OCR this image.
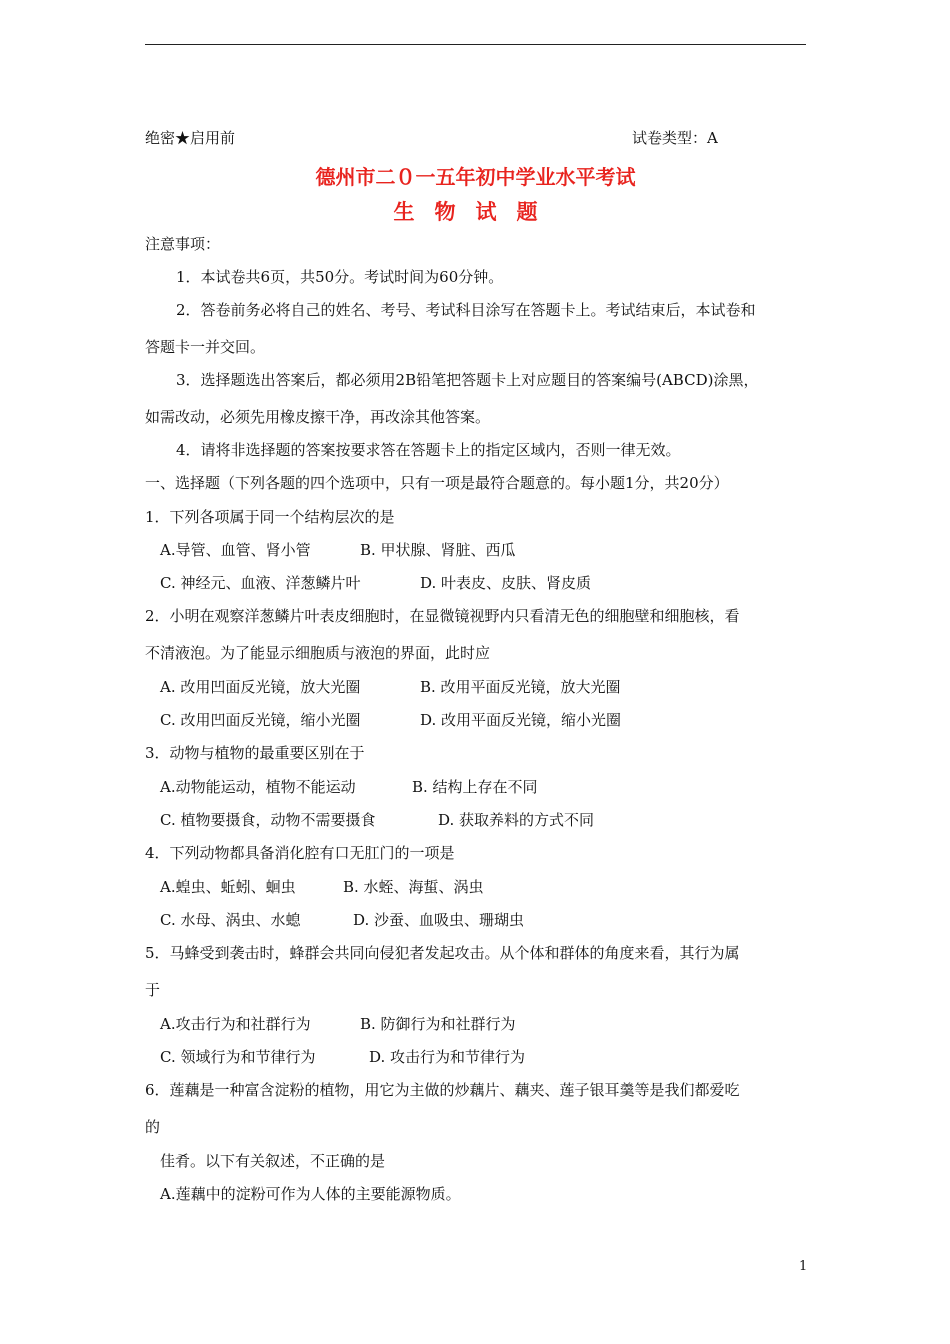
绝密★启用前	试卷类型：A
德州市二０一五年初中学业水平考试
生物试题
注意事项：
1．本试卷共6页，共50分。考试时间为60分钟。
2．答卷前务必将自己的姓名、考号、考试科目涂写在答题卡上。考试结束后，本试卷和
答题卡一并交回。
3．选择题选出答案后，都必须用2B铅笔把答题卡上对应题目的答案编号(ABCD)涂黑，
如需改动，必须先用橡皮擦干净，再改涂其他答案。
4．请将非选择题的答案按要求答在答题卡上的指定区域内，否则一律无效。
一、选择题（下列各题的四个选项中，只有一项是最符合题意的。每小题1分，共20分）
1．下列各项属于同一个结构层次的是
A.导管、血管、肾小管	B. 甲状腺、肾脏、西瓜
C. 神经元、血液、洋葱鳞片叶	D. 叶表皮、皮肤、肾皮质
2．小明在观察洋葱鳞片叶表皮细胞时，在显微镜视野内只看清无色的细胞壁和细胞核，看
不清液泡。为了能显示细胞质与液泡的界面，此时应
A. 改用凹面反光镜，放大光圈	B. 改用平面反光镜，放大光圈
C. 改用凹面反光镜，缩小光圈	D. 改用平面反光镜，缩小光圈
3．动物与植物的最重要区别在于
A.动物能运动，植物不能运动	B. 结构上存在不同
C. 植物要摄食，动物不需要摄食	D. 获取养料的方式不同
4．下列动物都具备消化腔有口无肛门的一项是
A.蝗虫、蚯蚓、蛔虫	B. 水蛭、海蜇、涡虫
C. 水母、涡虫、水螅	D. 沙蚕、血吸虫、珊瑚虫
5．马蜂受到袭击时，蜂群会共同向侵犯者发起攻击。从个体和群体的角度来看，其行为属
于
A.攻击行为和社群行为	B. 防御行为和社群行为
C. 领域行为和节律行为	D. 攻击行为和节律行为
6．莲藕是一种富含淀粉的植物，用它为主做的炒藕片、藕夹、莲子银耳羹等是我们都爱吃
的
佳肴。以下有关叙述，不正确的是
A.莲藕中的淀粉可作为人体的主要能源物质。
1
